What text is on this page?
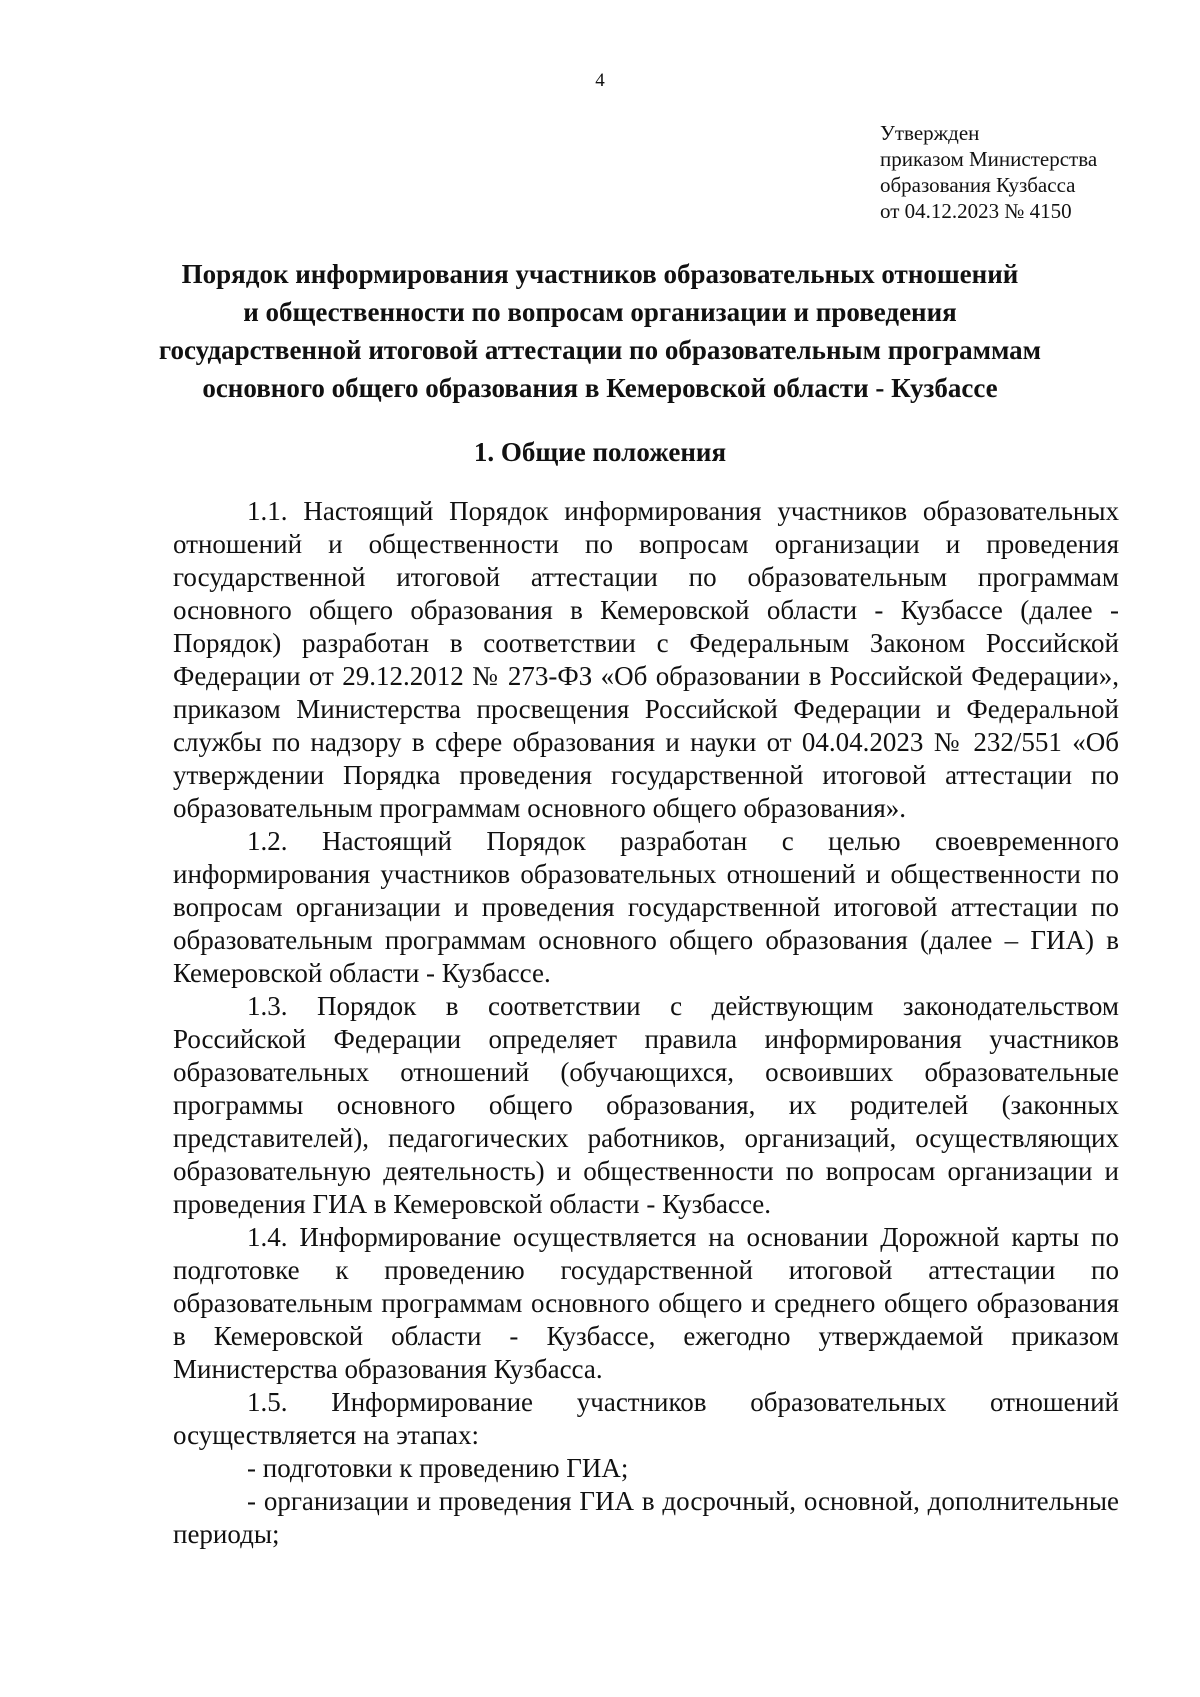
4
Утвержден
приказом Министерства
образования Кузбасса
от 04.12.2023 № 4150
Порядок информирования участников образовательных отношений
и общественности по вопросам организации и проведения
государственной итоговой аттестации по образовательным программам
основного общего образования в Кемеровской области - Кузбассе
1. Общие положения

1.1. Настоящий Порядок информирования участников образовательных отношений и общественности по вопросам организации и проведения государственной итоговой аттестации по образовательным программам основного общего образования в Кемеровской области - Кузбассе (далее - Порядок) разработан в соответствии с Федеральным Законом Российской Федерации от 29.12.2012 № 273-ФЗ «Об образовании в Российской Федерации», приказом Министерства просвещения Российской Федерации и Федеральной службы по надзору в сфере образования и науки от 04.04.2023 № 232/551 «Об утверждении Порядка проведения государственной итоговой аттестации по образовательным программам основного общего образования».

1.2. Настоящий Порядок разработан с целью своевременного информирования участников образовательных отношений и общественности по вопросам организации и проведения государственной итоговой аттестации по образовательным программам основного общего образования (далее – ГИА) в Кемеровской области - Кузбассе.

1.3. Порядок в соответствии с действующим законодательством Российской Федерации определяет правила информирования участников образовательных отношений (обучающихся, освоивших образовательные программы основного общего образования, их родителей (законных представителей), педагогических работников, организаций, осуществляющих образовательную деятельность) и общественности по вопросам организации и проведения ГИА в Кемеровской области - Кузбассе.

1.4. Информирование осуществляется на основании Дорожной карты по подготовке к проведению государственной итоговой аттестации по образовательным программам основного общего и среднего общего образования в Кемеровской области - Кузбассе, ежегодно утверждаемой приказом Министерства образования Кузбасса.

1.5. Информирование участников образовательных отношений осуществляется на этапах:

- подготовки к проведению ГИА;

- организации и проведения ГИА в досрочный, основной, дополнительные периоды;
